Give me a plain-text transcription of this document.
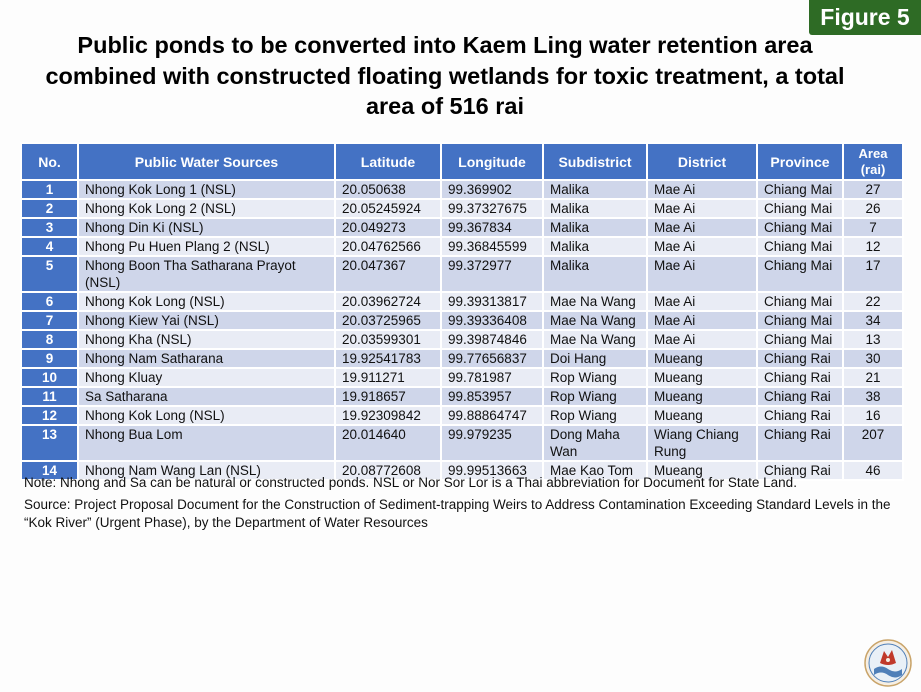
Figure 5
Public ponds to be converted into Kaem Ling water retention area combined with constructed floating wetlands for toxic treatment, a total area of 516 rai
No.	Public Water Sources	Latitude	Longitude	Subdistrict	District	Province	Area (rai)
1	Nhong Kok Long 1 (NSL)	20.050638	99.369902	Malika	Mae Ai	Chiang Mai	27
2	Nhong Kok Long 2 (NSL)	20.05245924	99.37327675	Malika	Mae Ai	Chiang Mai	26
3	Nhong Din Ki (NSL)	20.049273	99.367834	Malika	Mae Ai	Chiang Mai	7
4	Nhong Pu Huen Plang 2 (NSL)	20.04762566	99.36845599	Malika	Mae Ai	Chiang Mai	12
5	Nhong Boon Tha Satharana Prayot (NSL)	20.047367	99.372977	Malika	Mae Ai	Chiang Mai	17
6	Nhong Kok Long (NSL)	20.03962724	99.39313817	Mae Na Wang	Mae Ai	Chiang Mai	22
7	Nhong Kiew Yai (NSL)	20.03725965	99.39336408	Mae Na Wang	Mae Ai	Chiang Mai	34
8	Nhong Kha (NSL)	20.03599301	99.39874846	Mae Na Wang	Mae Ai	Chiang Mai	13
9	Nhong Nam Satharana	19.92541783	99.77656837	Doi Hang	Mueang	Chiang Rai	30
10	Nhong Kluay	19.911271	99.781987	Rop Wiang	Mueang	Chiang Rai	21
11	Sa Satharana	19.918657	99.853957	Rop Wiang	Mueang	Chiang Rai	38
12	Nhong Kok Long (NSL)	19.92309842	99.88864747	Rop Wiang	Mueang	Chiang Rai	16
13	Nhong Bua Lom	20.014640	99.979235	Dong Maha Wan	Wiang Chiang Rung	Chiang Rai	207
14	Nhong Nam Wang Lan (NSL)	20.08772608	99.99513663	Mae Kao Tom	Mueang	Chiang Rai	46
Note: Nhong and Sa can be natural or constructed ponds. NSL or Nor Sor Lor is a Thai abbreviation for Document for State Land.
Source: Project Proposal Document for the Construction of Sediment-trapping Weirs to Address Contamination Exceeding Standard Levels in the “Kok River” (Urgent Phase), by the Department of Water Resources
